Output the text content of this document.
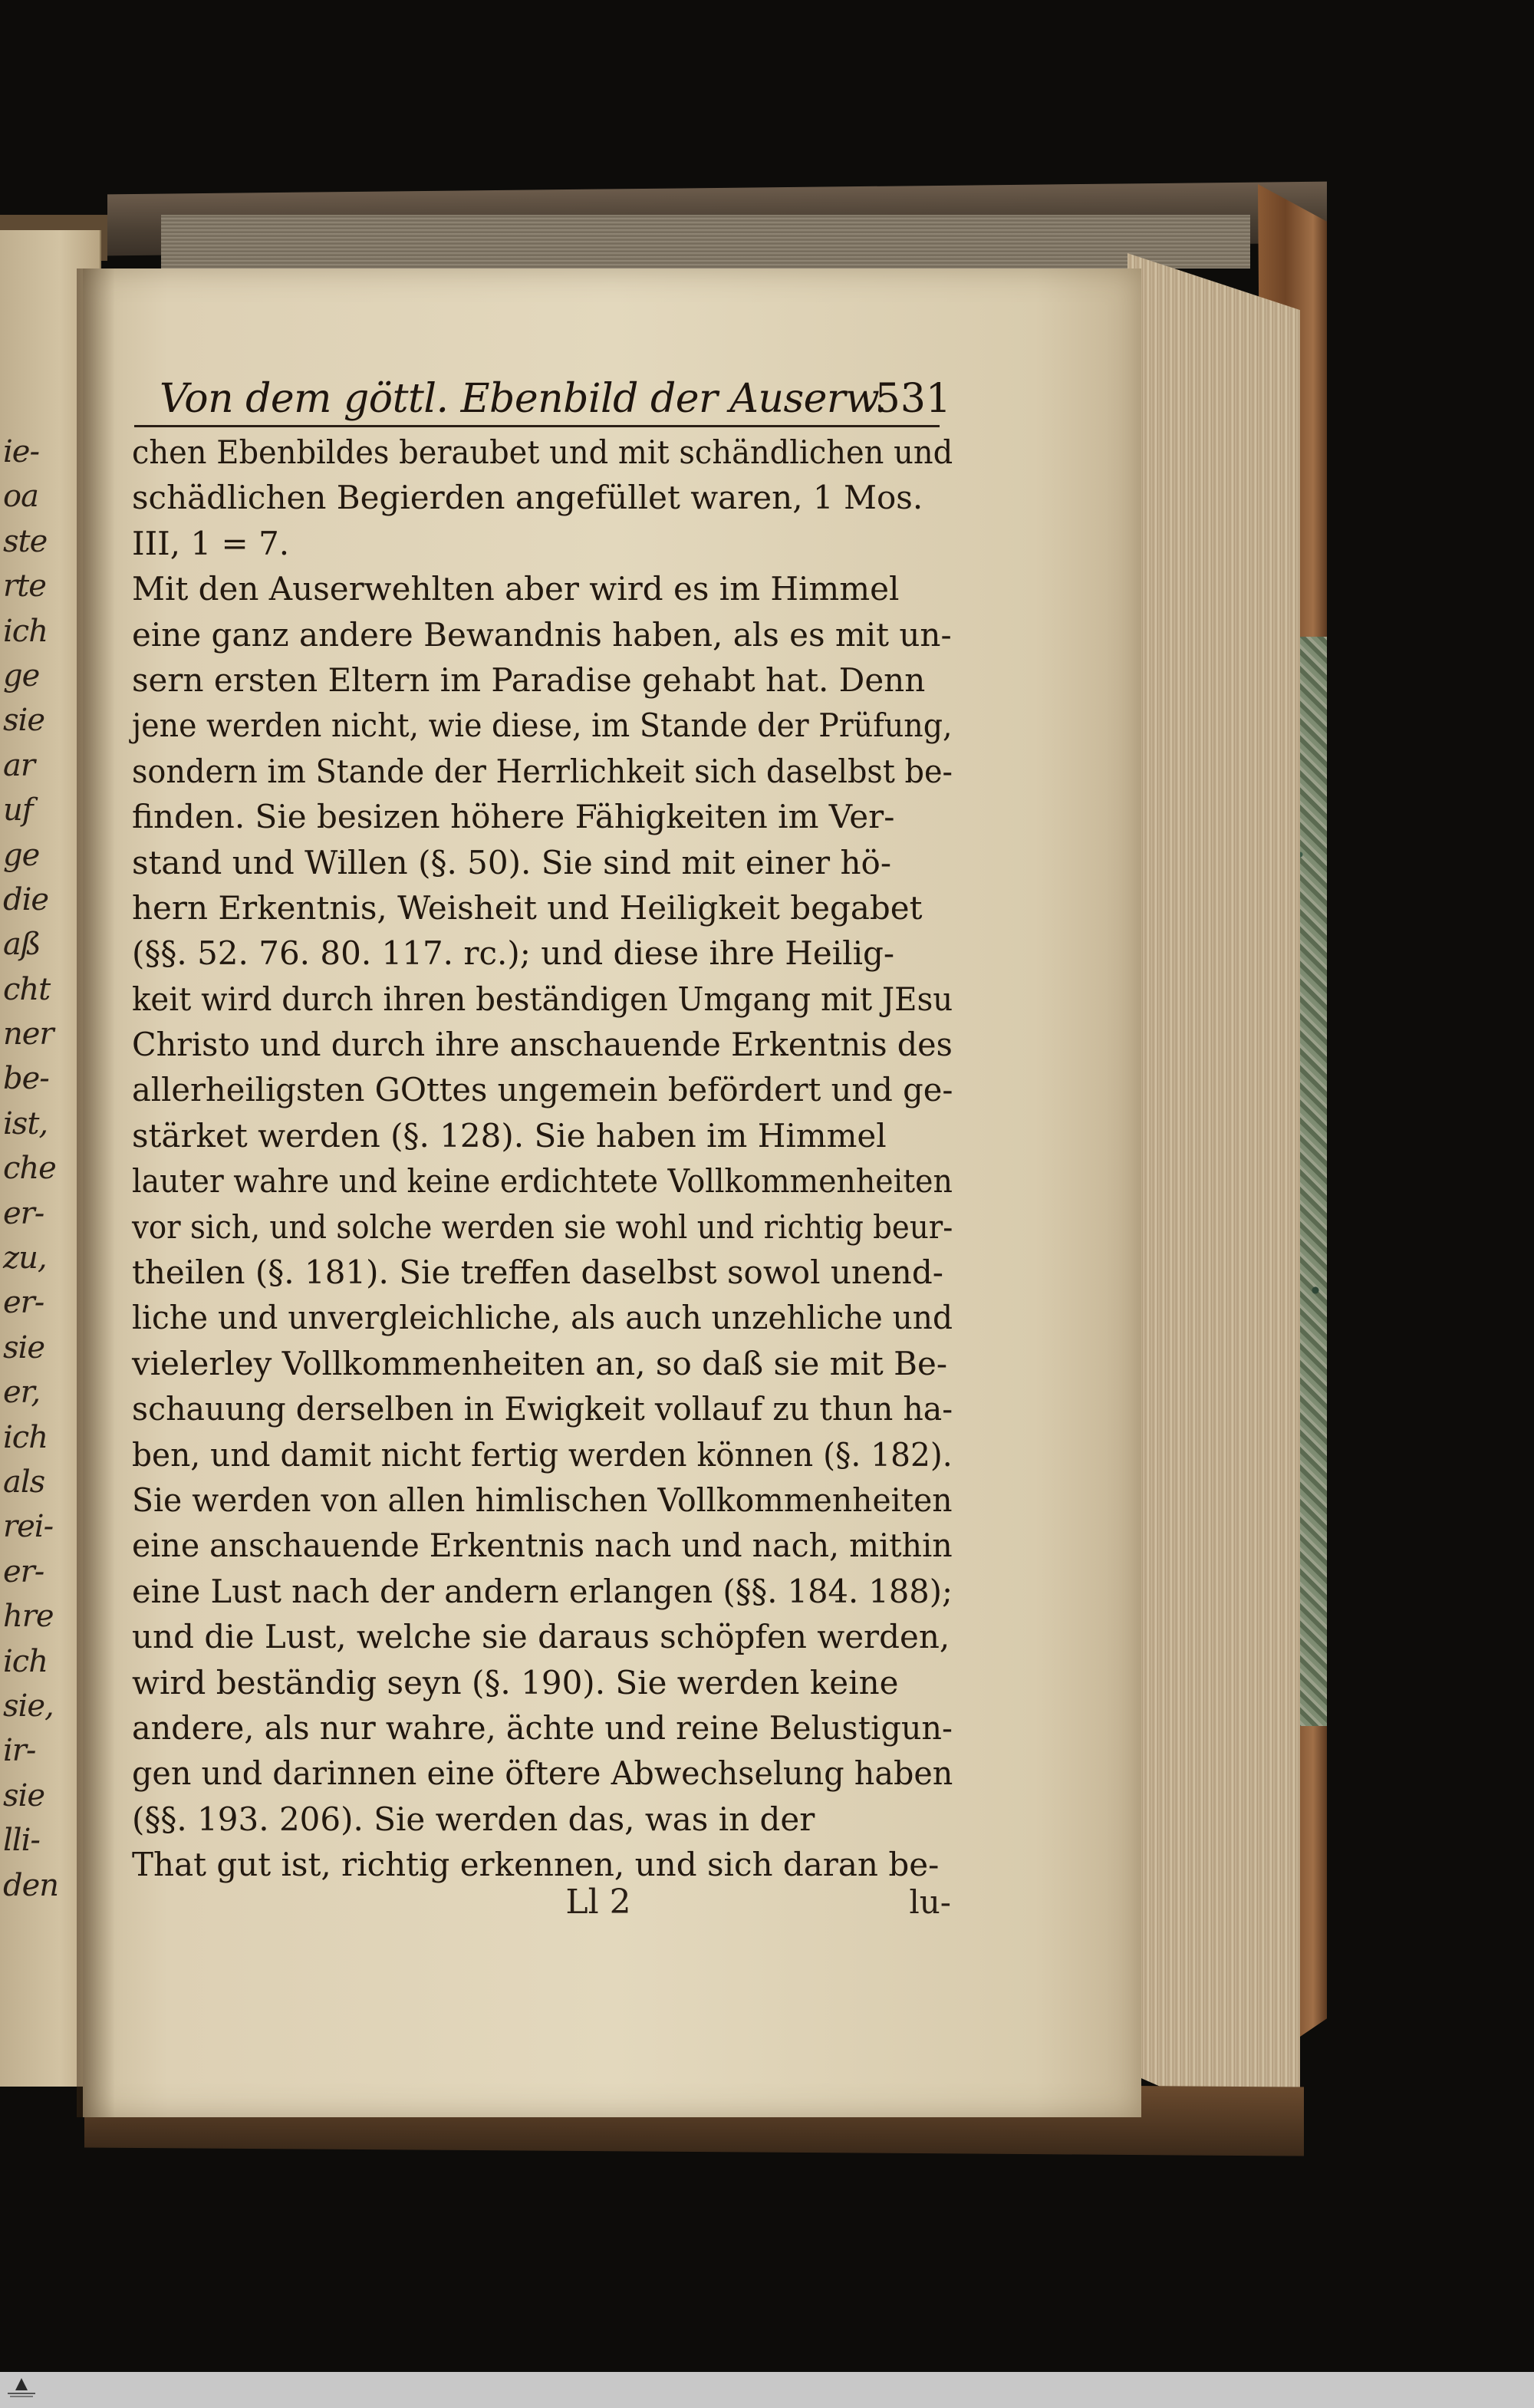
ie-
oa
ste
rte
ich
ge
sie
ar
uf
ge
die
aß
cht
ner
be-
ist,
che
er-
zu,
er-
sie
er,
ich
als
rei-
er-
hre
ich
sie,
ir-
sie
lli-
den
Von dem göttl. Ebenbild der Auserw.
531
chen Ebenbildes beraubet und mit schändlichen und
schädlichen Begierden angefüllet waren, 1 Mos.
III, 1 = 7.
Mit den Auserwehlten aber wird es im Himmel
eine ganz andere Bewandnis haben, als es mit un-
sern ersten Eltern im Paradise gehabt hat. Denn
jene werden nicht, wie diese, im Stande der Prüfung,
sondern im Stande der Herrlichkeit sich daselbst be-
finden. Sie besizen höhere Fähigkeiten im Ver-
stand und Willen (§. 50). Sie sind mit einer hö-
hern Erkentnis, Weisheit und Heiligkeit begabet
(§§. 52. 76. 80. 117. rc.); und diese ihre Heilig-
keit wird durch ihren beständigen Umgang mit JEsu
Christo und durch ihre anschauende Erkentnis des
allerheiligsten GOttes ungemein befördert und ge-
stärket werden (§. 128). Sie haben im Himmel
lauter wahre und keine erdichtete Vollkommenheiten
vor sich, und solche werden sie wohl und richtig beur-
theilen (§. 181). Sie treffen daselbst sowol unend-
liche und unvergleichliche, als auch unzehliche und
vielerley Vollkommenheiten an, so daß sie mit Be-
schauung derselben in Ewigkeit vollauf zu thun ha-
ben, und damit nicht fertig werden können (§. 182).
Sie werden von allen himlischen Vollkommenheiten
eine anschauende Erkentnis nach und nach, mithin
eine Lust nach der andern erlangen (§§. 184. 188);
und die Lust, welche sie daraus schöpfen werden,
wird beständig seyn (§. 190). Sie werden keine
andere, als nur wahre, ächte und reine Belustigun-
gen und darinnen eine öftere Abwechselung haben
(§§. 193. 206). Sie werden das, was in der
That gut ist, richtig erkennen, und sich daran be-
Ll 2	lu-
